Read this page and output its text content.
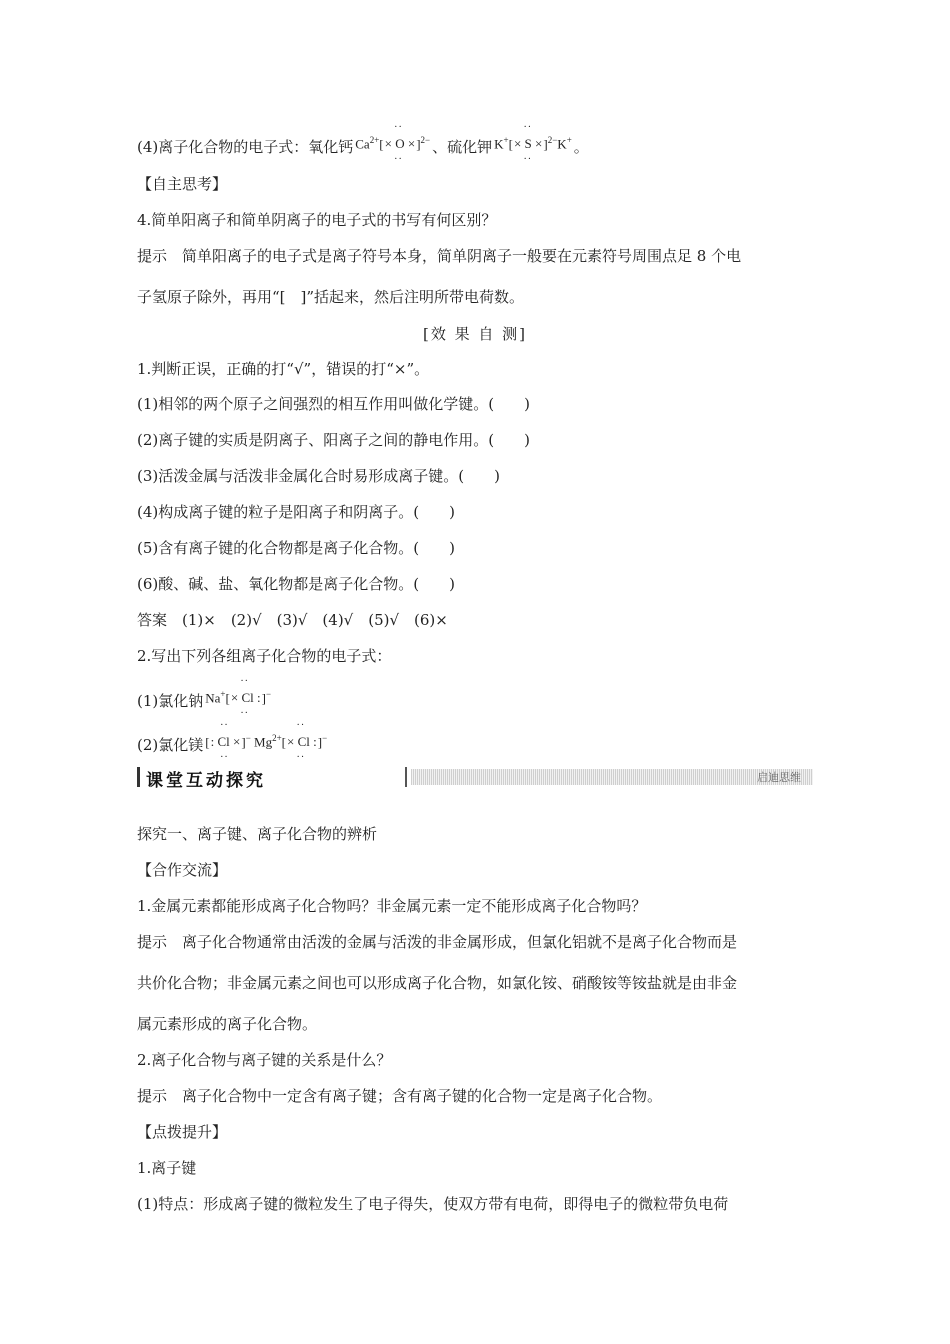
(4)离子化合物的电子式：氧化钙 $Ca^{2+}[\times O$ ×
··
··
]$^{2-}$ 、硫化钾 K+[× S ×
··
··
]$^{2-}$K+ 。
【自主思考】
4.简单阳离子和简单阴离子的电子式的书写有何区别？
提示　简单阳离子的电子式是离子符号本身，简单阴离子一般要在元素符号周围点足 8 个电
子氢原子除外，再用“[　]”括起来，然后注明所带电荷数。
[效 果 自 测]
1.判断正误，正确的打“√”，错误的打“×”。
(1)相邻的两个原子之间强烈的相互作用叫做化学键。(　　)
(2)离子键的实质是阴离子、阳离子之间的静电作用。(　　)
(3)活泼金属与活泼非金属化合时易形成离子键。(　　)
(4)构成离子键的粒子是阳离子和阴离子。(　　)
(5)含有离子键的化合物都是离子化合物。(　　)
(6)酸、碱、盐、氧化物都是离子化合物。(　　)
答案　(1)×　(2)√　(3)√　(4)√　(5)√　(6)×
2.写出下列各组离子化合物的电子式：
(1)氯化钠 Na+[× Cl :
··
··
]−
(2)氯化镁 [: Cl ×
··
··
]− $Mg^{2+}[\times Cl$ :
··
··
]−
课堂互动探究	启迪思维
探究一、离子键、离子化合物的辨析
【合作交流】
1.金属元素都能形成离子化合物吗？非金属元素一定不能形成离子化合物吗？
提示　离子化合物通常由活泼的金属与活泼的非金属形成，但氯化铝就不是离子化合物而是
共价化合物；非金属元素之间也可以形成离子化合物，如氯化铵、硝酸铵等铵盐就是由非金
属元素形成的离子化合物。
2.离子化合物与离子键的关系是什么？
提示　离子化合物中一定含有离子键；含有离子键的化合物一定是离子化合物。
【点拨提升】
1.离子键
(1)特点：形成离子键的微粒发生了电子得失，使双方带有电荷，即得电子的微粒带负电荷
